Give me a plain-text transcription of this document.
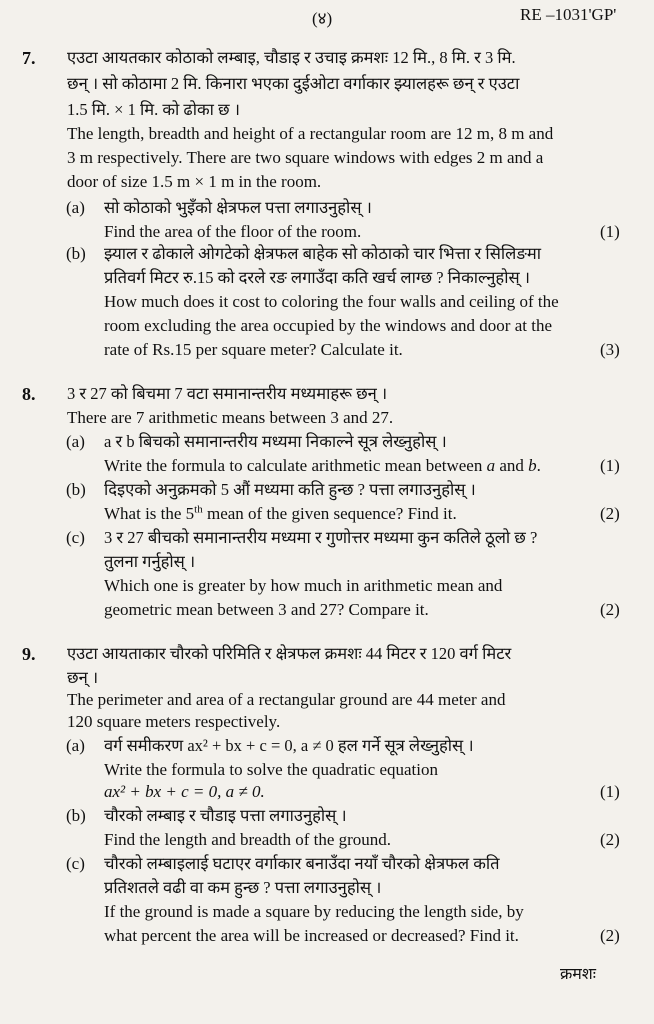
(४)	RE –1031'GP'
7. एउटा आयतकार कोठाको लम्बाइ, चौडाइ र उचाइ क्रमशः 12 मि., 8 मि. र 3 मि.
छन् । सो कोठामा 2 मि. किनारा भएका दुईओटा वर्गाकार झ्यालहरू छन् र एउटा
1.5 मि. × 1 मि. को ढोका छ ।
The length, breadth and height of a rectangular room are 12 m, 8 m and
3 m respectively. There are two square windows with edges 2 m and a
door of size 1.5 m × 1 m in the room.
(a) सो कोठाको भुइँको क्षेत्रफल पत्ता लगाउनुहोस् ।
Find the area of the floor of the room.	(1)
(b) झ्याल र ढोकाले ओगटेको क्षेत्रफल बाहेक सो कोठाको चार भित्ता र सिलिङमा
प्रतिवर्ग मिटर रु.15 को दरले रङ लगाउँदा कति खर्च लाग्छ ? निकाल्नुहोस् ।
How much does it cost to coloring the four walls and ceiling of the
room excluding the area occupied by the windows and door at the
rate of Rs.15 per square meter? Calculate it.	(3)
8. 3 र 27 को बिचमा 7 वटा समानान्तरीय मध्यमाहरू छन् ।
There are 7 arithmetic means between 3 and 27.
(a) a र b बिचको समानान्तरीय मध्यमा निकाल्ने सूत्र लेख्नुहोस् ।
Write the formula to calculate arithmetic mean between a and b.	(1)
(b) दिइएको अनुक्रमको 5 औं मध्यमा कति हुन्छ ? पत्ता लगाउनुहोस् ।
What is the 5th mean of the given sequence? Find it.	(2)
(c) 3 र 27 बीचको समानान्तरीय मध्यमा र गुणोत्तर मध्यमा कुन कतिले ठूलो छ ?
तुलना गर्नुहोस् ।
Which one is greater by how much in arithmetic mean and
geometric mean between 3 and 27? Compare it.	(2)
9. एउटा आयताकार चौरको परिमिति र क्षेत्रफल क्रमशः 44 मिटर र 120 वर्ग मिटर
छन् ।
The perimeter and area of a rectangular ground are 44 meter and
120 square meters respectively.
(a) वर्ग समीकरण ax² + bx + c = 0, a ≠ 0 हल गर्ने सूत्र लेख्नुहोस् ।
Write the formula to solve the quadratic equation
ax² + bx + c = 0, a ≠ 0.	(1)
(b) चौरको लम्बाइ र चौडाइ पत्ता लगाउनुहोस् ।
Find the length and breadth of the ground.	(2)
(c) चौरको लम्बाइलाई घटाएर वर्गाकार बनाउँदा नयाँ चौरको क्षेत्रफल कति
प्रतिशतले वढी वा कम हुन्छ ? पत्ता लगाउनुहोस् ।
If the ground is made a square by reducing the length side, by
what percent the area will be increased or decreased? Find it.	(2)
क्रमशः
